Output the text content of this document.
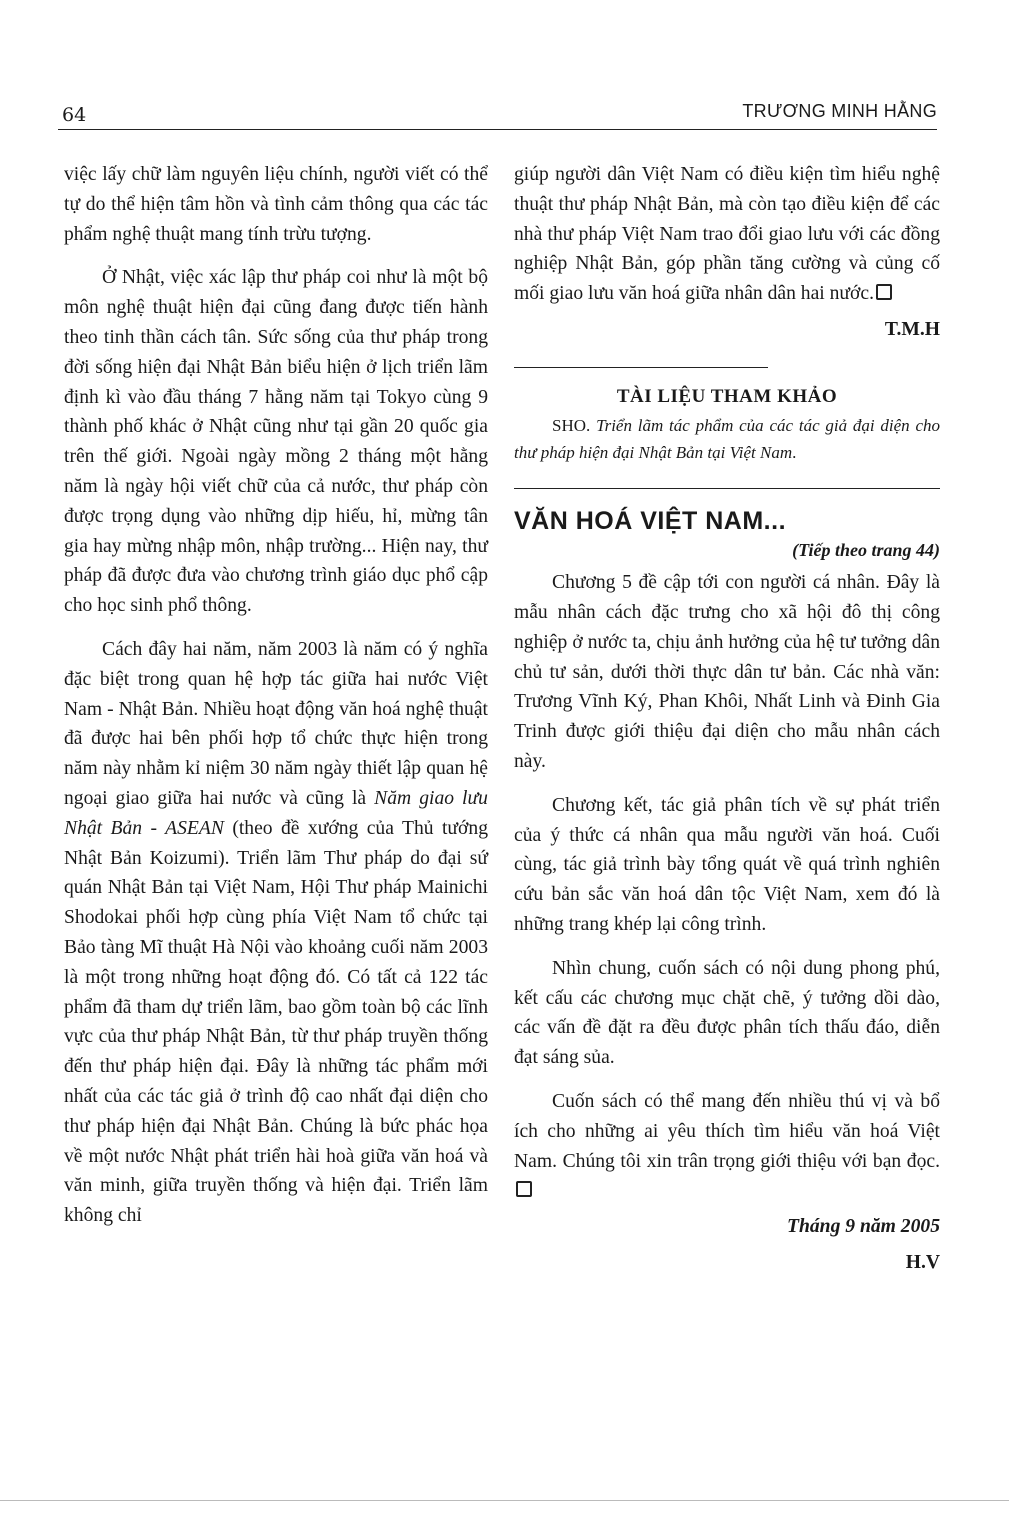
64	TRƯƠNG MINH HẰNG

việc lấy chữ làm nguyên liệu chính, người viết có thể tự do thể hiện tâm hồn và tình cảm thông qua các tác phẩm nghệ thuật mang tính trừu tượng.

Ở Nhật, việc xác lập thư pháp coi như là một bộ môn nghệ thuật hiện đại cũng đang được tiến hành theo tinh thần cách tân. Sức sống của thư pháp trong đời sống hiện đại Nhật Bản biểu hiện ở lịch triển lãm định kì vào đầu tháng 7 hằng năm tại Tokyo cùng 9 thành phố khác ở Nhật cũng như tại gần 20 quốc gia trên thế giới. Ngoài ngày mồng 2 tháng một hằng năm là ngày hội viết chữ của cả nước, thư pháp còn được trọng dụng vào những dịp hiếu, hỉ, mừng tân gia hay mừng nhập môn, nhập trường... Hiện nay, thư pháp đã được đưa vào chương trình giáo dục phổ cập cho học sinh phổ thông.

Cách đây hai năm, năm 2003 là năm có ý nghĩa đặc biệt trong quan hệ hợp tác giữa hai nước Việt Nam - Nhật Bản. Nhiều hoạt động văn hoá nghệ thuật đã được hai bên phối hợp tổ chức thực hiện trong năm này nhằm kỉ niệm 30 năm ngày thiết lập quan hệ ngoại giao giữa hai nước và cũng là Năm giao lưu Nhật Bản - ASEAN (theo đề xướng của Thủ tướng Nhật Bản Koizumi). Triển lãm Thư pháp do đại sứ quán Nhật Bản tại Việt Nam, Hội Thư pháp Mainichi Shodokai phối hợp cùng phía Việt Nam tổ chức tại Bảo tàng Mĩ thuật Hà Nội vào khoảng cuối năm 2003 là một trong những hoạt động đó. Có tất cả 122 tác phẩm đã tham dự triển lãm, bao gồm toàn bộ các lĩnh vực của thư pháp Nhật Bản, từ thư pháp truyền thống đến thư pháp hiện đại. Đây là những tác phẩm mới nhất của các tác giả ở trình độ cao nhất đại diện cho thư pháp hiện đại Nhật Bản. Chúng là bức phác họa về một nước Nhật phát triển hài hoà giữa văn hoá và văn minh, giữa truyền thống và hiện đại. Triển lãm không chỉ

giúp người dân Việt Nam có điều kiện tìm hiểu nghệ thuật thư pháp Nhật Bản, mà còn tạo điều kiện để các nhà thư pháp Việt Nam trao đổi giao lưu với các đồng nghiệp Nhật Bản, góp phần tăng cường và củng cố mối giao lưu văn hoá giữa nhân dân hai nước.

T.M.H

TÀI LIỆU THAM KHẢO

SHO. Triển lãm tác phẩm của các tác giả đại diện cho thư pháp hiện đại Nhật Bản tại Việt Nam.

VĂN HOÁ VIỆT NAM...

(Tiếp theo trang 44)

Chương 5 đề cập tới con người cá nhân. Đây là mẫu nhân cách đặc trưng cho xã hội đô thị công nghiệp ở nước ta, chịu ảnh hưởng của hệ tư tưởng dân chủ tư sản, dưới thời thực dân tư bản. Các nhà văn: Trương Vĩnh Ký, Phan Khôi, Nhất Linh và Đinh Gia Trinh được giới thiệu đại diện cho mẫu nhân cách này.

Chương kết, tác giả phân tích về sự phát triển của ý thức cá nhân qua mẫu người văn hoá. Cuối cùng, tác giả trình bày tổng quát về quá trình nghiên cứu bản sắc văn hoá dân tộc Việt Nam, xem đó là những trang khép lại công trình.

Nhìn chung, cuốn sách có nội dung phong phú, kết cấu các chương mục chặt chẽ, ý tưởng dồi dào, các vấn đề đặt ra đều được phân tích thấu đáo, diễn đạt sáng sủa.

Cuốn sách có thể mang đến nhiều thú vị và bổ ích cho những ai yêu thích tìm hiểu văn hoá Việt Nam. Chúng tôi xin trân trọng giới thiệu với bạn đọc.

Tháng 9 năm 2005

H.V
